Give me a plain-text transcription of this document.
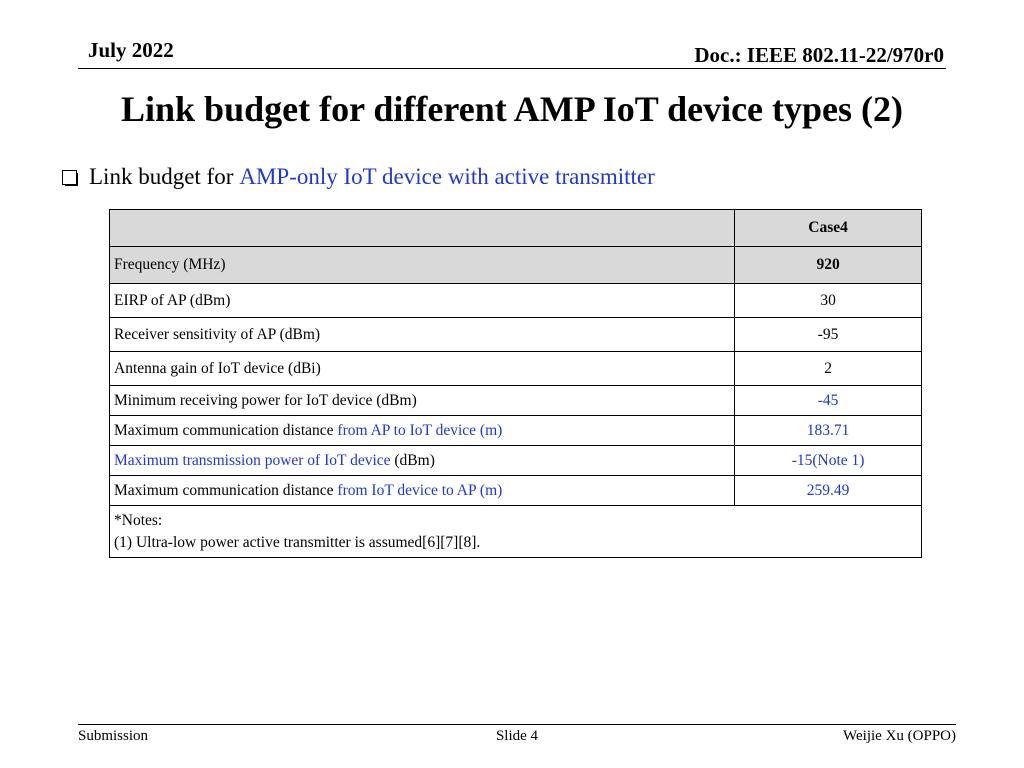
July 2022	Doc.: IEEE 802.11-22/970r0
Link budget for different AMP IoT device types (2)
Link budget for AMP-only IoT device with active transmitter
	Case4
Frequency (MHz)	920
EIRP of AP (dBm)	30
Receiver sensitivity of AP (dBm)	-95
Antenna gain of IoT device (dBi)	2
Minimum receiving power for IoT device (dBm)	-45
Maximum communication distance from AP to IoT device (m)	183.71
Maximum transmission power of IoT device (dBm)	-15(Note 1)
Maximum communication distance from IoT device to AP (m)	259.49

*Notes:
(1) Ultra-low power active transmitter is assumed[6][7][8].	
Submission	Slide 4	Weijie Xu (OPPO)
